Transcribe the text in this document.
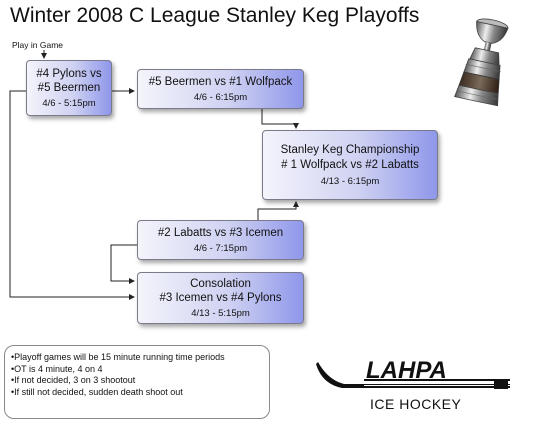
Winter 2008 C League Stanley Keg Playoffs
Play in Game
#4 Pylons vs
#5 Beermen
4/6 - 5:15pm
#5 Beermen vs #1 Wolfpack
4/6 - 6:15pm
Stanley Keg Championship
# 1 Wolfpack vs #2 Labatts
4/13 - 6:15pm
#2 Labatts vs #3 Icemen
4/6 - 7:15pm
Consolation
#3 Icemen vs #4 Pylons
4/13 - 5:15pm
• Playoff games will be 15 minute running time periods
• OT is 4 minute, 4 on 4
• If not decided, 3 on 3 shootout
• If still not decided, sudden death shoot out
LAHPA
ICE HOCKEY
